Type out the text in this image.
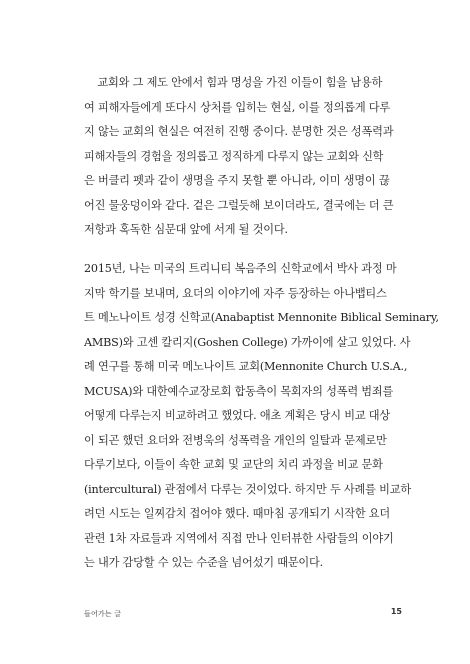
교회와 그 제도 안에서 힘과 명성을 가진 이들이 힘을 남용하
여 피해자들에게 또다시 상처를 입히는 현실, 이를 정의롭게 다루
지 않는 교회의 현실은 여전히 진행 중이다. 분명한 것은 성폭력과
피해자들의 경험을 정의롭고 정직하게 다루지 않는 교회와 신학
은 버클리 펫과 같이 생명을 주지 못할 뿐 아니라, 이미 생명이 끊
어진 물웅덩이와 같다. 겉은 그럴듯해 보이더라도, 결국에는 더 큰
저항과 혹독한 심문대 앞에 서게 될 것이다.
2015년, 나는 미국의 트리니티 복음주의 신학교에서 박사 과정 마
지막 학기를 보내며, 요더의 이야기에 자주 등장하는 아나뱁티스
트 메노나이트 성경 신학교(Anabaptist Mennonite Biblical Seminary,
AMBS)와 고센 칼리지(Goshen College) 가까이에 살고 있었다. 사
례 연구를 통해 미국 메노나이트 교회(Mennonite Church U.S.A.,
MCUSA)와 대한예수교장로회 합동측이 목회자의 성폭력 범죄를
어떻게 다루는지 비교하려고 했었다. 애초 계획은 당시 비교 대상
이 되곤 했던 요더와 전병욱의 성폭력을 개인의 일탈과 문제로만
다루기보다, 이들이 속한 교회 및 교단의 치리 과정을 비교 문화
(intercultural) 관점에서 다루는 것이었다. 하지만 두 사례를 비교하
려던 시도는 일찌감치 접어야 했다. 때마침 공개되기 시작한 요더
관련 1차 자료들과 지역에서 직접 만나 인터뷰한 사람들의 이야기
는 내가 감당할 수 있는 수준을 넘어섰기 때문이다.
들어가는 글	15
